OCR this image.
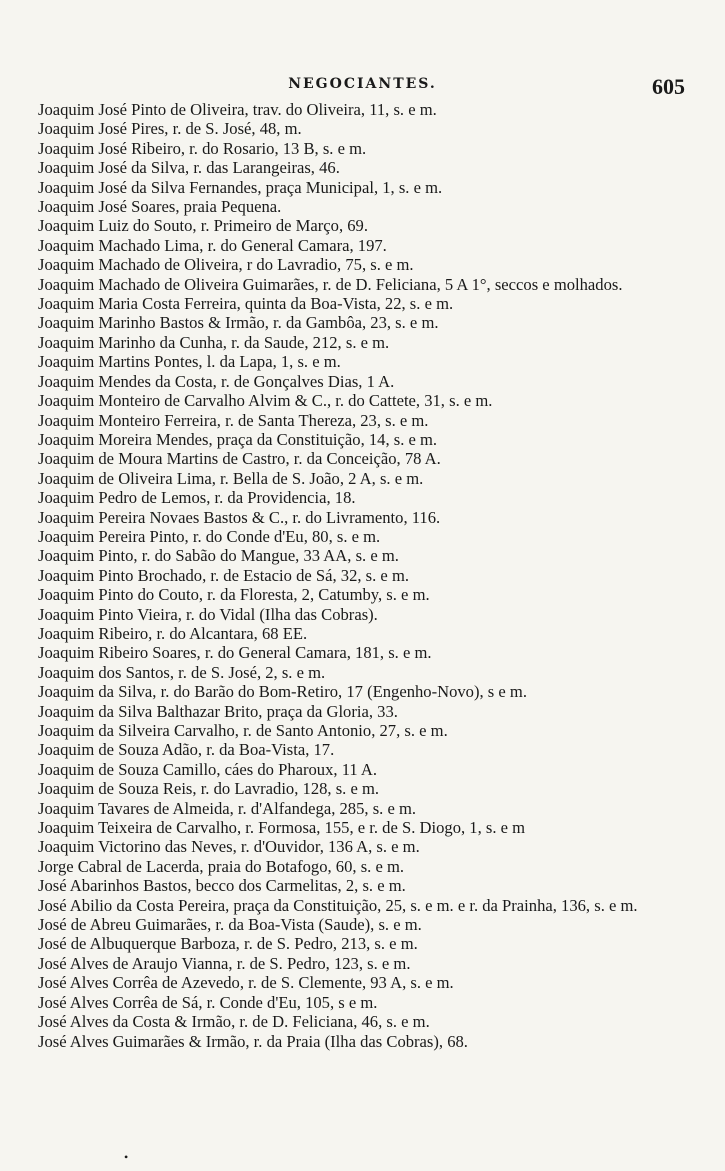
NEGOCIANTES.	605
Joaquim José Pinto de Oliveira, trav. do Oliveira, 11, s. e m.
Joaquim José Pires, r. de S. José, 48, m.
Joaquim José Ribeiro, r. do Rosario, 13 B, s. e m.
Joaquim José da Silva, r. das Larangeiras, 46.
Joaquim José da Silva Fernandes, praça Municipal, 1, s. e m.
Joaquim José Soares, praia Pequena.
Joaquim Luiz do Souto, r. Primeiro de Março, 69.
Joaquim Machado Lima, r. do General Camara, 197.
Joaquim Machado de Oliveira, r do Lavradio, 75, s. e m.
Joaquim Machado de Oliveira Guimarães, r. de D. Feliciana, 5 A 1°, seccos e molhados.
Joaquim Maria Costa Ferreira, quinta da Boa-Vista, 22, s. e m.
Joaquim Marinho Bastos & Irmão, r. da Gambôa, 23, s. e m.
Joaquim Marinho da Cunha, r. da Saude, 212, s. e m.
Joaquim Martins Pontes, l. da Lapa, 1, s. e m.
Joaquim Mendes da Costa, r. de Gonçalves Dias, 1 A.
Joaquim Monteiro de Carvalho Alvim & C., r. do Cattete, 31, s. e m.
Joaquim Monteiro Ferreira, r. de Santa Thereza, 23, s. e m.
Joaquim Moreira Mendes, praça da Constituição, 14, s. e m.
Joaquim de Moura Martins de Castro, r. da Conceição, 78 A.
Joaquim de Oliveira Lima, r. Bella de S. João, 2 A, s. e m.
Joaquim Pedro de Lemos, r. da Providencia, 18.
Joaquim Pereira Novaes Bastos & C., r. do Livramento, 116.
Joaquim Pereira Pinto, r. do Conde d'Eu, 80, s. e m.
Joaquim Pinto, r. do Sabão do Mangue, 33 AA, s. e m.
Joaquim Pinto Brochado, r. de Estacio de Sá, 32, s. e m.
Joaquim Pinto do Couto, r. da Floresta, 2, Catumby, s. e m.
Joaquim Pinto Vieira, r. do Vidal (Ilha das Cobras).
Joaquim Ribeiro, r. do Alcantara, 68 EE.
Joaquim Ribeiro Soares, r. do General Camara, 181, s. e m.
Joaquim dos Santos, r. de S. José, 2, s. e m.
Joaquim da Silva, r. do Barão do Bom-Retiro, 17 (Engenho-Novo), s e m.
Joaquim da Silva Balthazar Brito, praça da Gloria, 33.
Joaquim da Silveira Carvalho, r. de Santo Antonio, 27, s. e m.
Joaquim de Souza Adão, r. da Boa-Vista, 17.
Joaquim de Souza Camillo, cáes do Pharoux, 11 A.
Joaquim de Souza Reis, r. do Lavradio, 128, s. e m.
Joaquim Tavares de Almeida, r. d'Alfandega, 285, s. e m.
Joaquim Teixeira de Carvalho, r. Formosa, 155, e r. de S. Diogo, 1, s. e m
Joaquim Victorino das Neves, r. d'Ouvidor, 136 A, s. e m.
Jorge Cabral de Lacerda, praia do Botafogo, 60, s. e m.
José Abarinhos Bastos, becco dos Carmelitas, 2, s. e m.
José Abilio da Costa Pereira, praça da Constituição, 25, s. e m. e r. da Prainha, 136, s. e m.
José de Abreu Guimarães, r. da Boa-Vista (Saude), s. e m.
José de Albuquerque Barboza, r. de S. Pedro, 213, s. e m.
José Alves de Araujo Vianna, r. de S. Pedro, 123, s. e m.
José Alves Corrêa de Azevedo, r. de S. Clemente, 93 A, s. e m.
José Alves Corrêa de Sá, r. Conde d'Eu, 105, s e m.
José Alves da Costa & Irmão, r. de D. Feliciana, 46, s. e m.
José Alves Guimarães & Irmão, r. da Praia (Ilha das Cobras), 68.
•
